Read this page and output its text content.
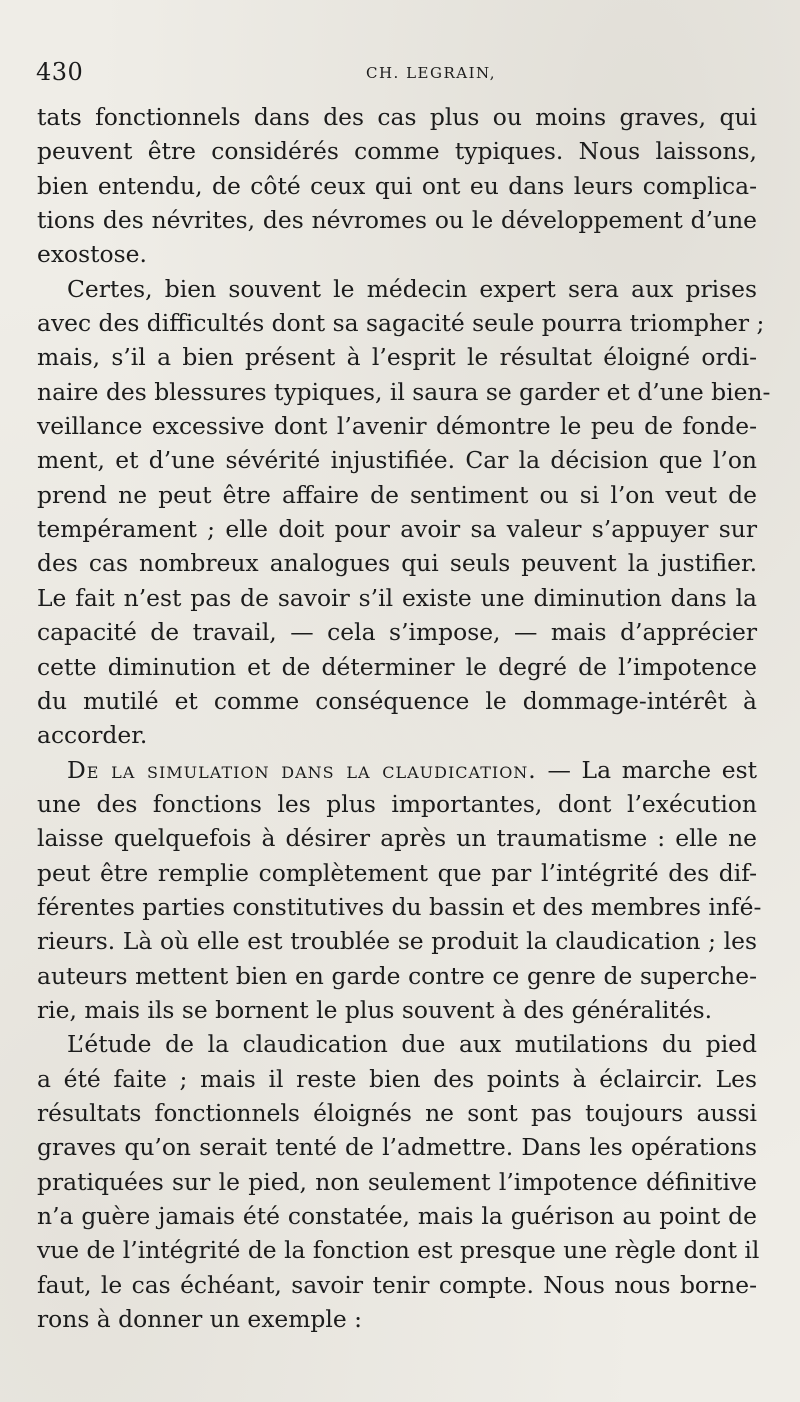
430	CH. LEGRAIN,
tats fonctionnels dans des cas plus ou moins graves, qui
peuvent être considérés comme typiques. Nous laissons,
bien entendu, de côté ceux qui ont eu dans leurs complica-
tions des névrites, des névromes ou le développement d’une
exostose.
Certes, bien souvent le médecin expert sera aux prises
avec des difficultés dont sa sagacité seule pourra triompher ;
mais, s’il a bien présent à l’esprit le résultat éloigné ordi-
naire des blessures typiques, il saura se garder et d’une bien-
veillance excessive dont l’avenir démontre le peu de fonde-
ment, et d’une sévérité injustifiée. Car la décision que l’on
prend ne peut être affaire de sentiment ou si l’on veut de
tempérament ; elle doit pour avoir sa valeur s’appuyer sur
des cas nombreux analogues qui seuls peuvent la justifier.
Le fait n’est pas de savoir s’il existe une diminution dans la
capacité de travail, — cela s’impose, — mais d’apprécier
cette diminution et de déterminer le degré de l’impotence
du mutilé et comme conséquence le dommage-intérêt à
accorder.
De la simulation dans la claudication. — La marche est
une des fonctions les plus importantes, dont l’exécution
laisse quelquefois à désirer après un traumatisme : elle ne
peut être remplie complètement que par l’intégrité des dif-
férentes parties constitutives du bassin et des membres infé-
rieurs. Là où elle est troublée se produit la claudication ; les
auteurs mettent bien en garde contre ce genre de superche-
rie, mais ils se bornent le plus souvent à des généralités.
L’étude de la claudication due aux mutilations du pied
a été faite ; mais il reste bien des points à éclaircir. Les
résultats fonctionnels éloignés ne sont pas toujours aussi
graves qu’on serait tenté de l’admettre. Dans les opérations
pratiquées sur le pied, non seulement l’impotence définitive
n’a guère jamais été constatée, mais la guérison au point de
vue de l’intégrité de la fonction est presque une règle dont il
faut, le cas échéant, savoir tenir compte. Nous nous borne-
rons à donner un exemple :
